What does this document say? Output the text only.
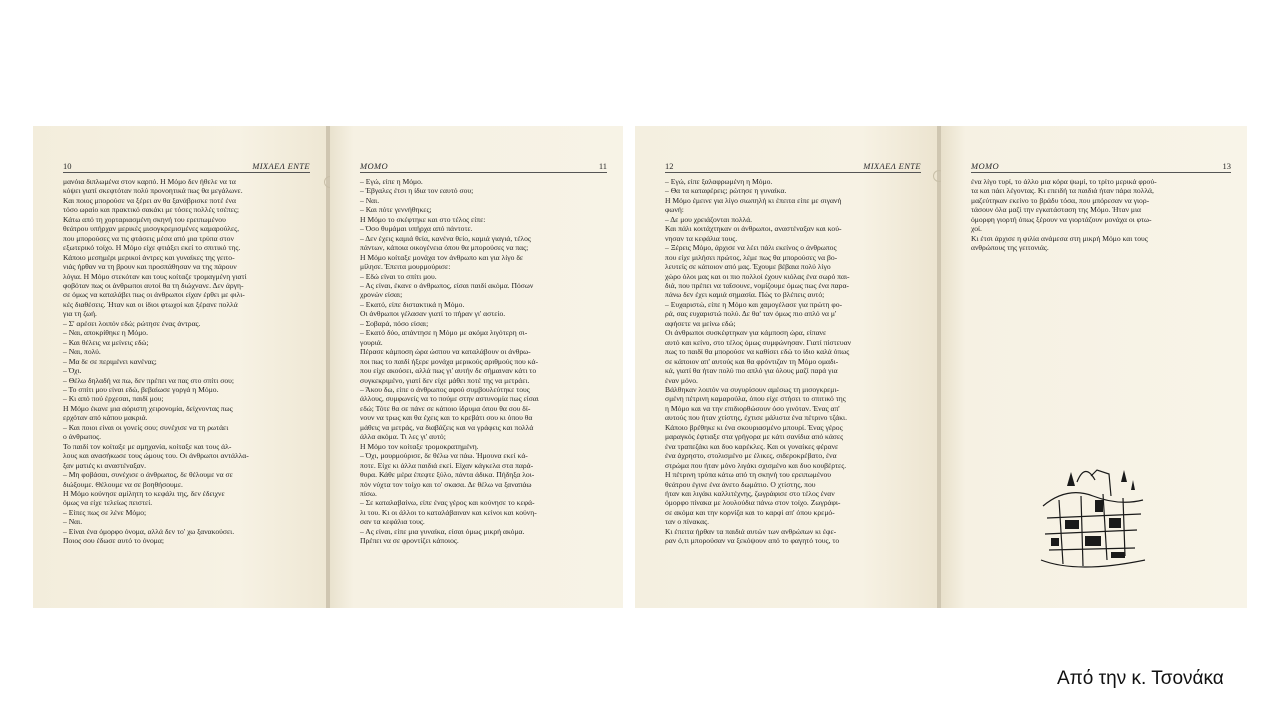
10	ΜΙΧΑΕΛ ΕΝΤΕ

μανόια διπλωμένα στον καρπό. Η Μόμο δεν ήθελε να τα

κόψει γιατί σκεφτόταν πολύ προνοητικά πως θα μεγάλωνε.

Και ποιος μπορούσε να ξέρει αν θα ξανάβρισκε ποτέ ένα

τόσο ωραίο και πρακτικό σακάκι με τόσες πολλές τσέπες;

Κάτω από τη χορταριασμένη σκηνή του ερειπωμένου

θεάτρου υπήρχαν μερικές μισογκρεμισμένες καμαρούλες,

που μπορούσες να τις φτάσεις μέσα από μια τρύπα στον

εξωτερικό τοίχο. Η Μόμο είχε φτιάξει εκεί το σπιτικό της.

Κάποιο μεσημέρι μερικοί άντρες και γυναίκες της γειτο-

νιάς ήρθαν να τη βρουν και προσπάθησαν να της πάρουν

λόγια. Η Μόμο στεκόταν και τους κοίταζε τρομαγμένη γιατί

φοβόταν πως οι άνθρωποι αυτοί θα τη διώχνανε. Δεν άργη-

σε όμως να καταλάβει πως οι άνθρωποι είχαν έρθει με φιλι-

κές διαθέσεις. Ήταν και οι ίδιοι φτωχοί και ξέρανε πολλά

για τη ζωή.

– Σ' αρέσει λοιπόν εδώ; ρώτησε ένας άντρας.

– Ναι, αποκρίθηκε η Μόμο.

– Και θέλεις να μείνεις εδώ;

– Ναι, πολύ.

– Μα δε σε περιμένει κανένας;

– Όχι.

– Θέλω δηλαδή να πω, δεν πρέπει να πας στο σπίτι σου;

– Το σπίτι μου είναι εδώ, βεβαίωσε γοργά η Μόμο.

– Κι από πού έρχεσαι, παιδί μου;

Η Μόμο έκανε μια αόριστη χειρονομία, δείχνοντας πως

ερχόταν από κάπου μακριά.

– Και ποιοι είναι οι γονείς σου; συνέχισε να τη ρωτάει

ο άνθρωπος.

Το παιδί τον κοίταξε με αμηχανία, κοίταξε και τους άλ-

λους και ανασήκωσε τους ώμους του. Οι άνθρωποι αντάλλα-

ξαν ματιές κι αναστέναξαν.

– Μη φοβάσαι, συνέχισε ο άνθρωπος, δε θέλουμε να σε

διώξουμε. Θέλουμε να σε βοηθήσουμε.

Η Μόμο κούνησε αμίλητη το κεφάλι της, δεν έδειχνε

όμως να είχε τελείως πειστεί.

– Είπες πως σε λένε Μόμο;

– Ναι.

– Είναι ένα όμορφο όνομα, αλλά δεν το' χω ξανακούσει.

Ποιος σου έδωσε αυτό το όνομα;

ΜΟΜΟ	11

– Εγώ, είπε η Μόμο.

– Έβγαλες έτσι η ίδια τον εαυτό σου;

– Ναι.

– Και πότε γεννήθηκες;

Η Μόμο το σκέφτηκε και στο τέλος είπε:

– Όσο θυμάμαι υπήρχα από πάντοτε.

– Δεν έχεις καμιά θεία, κανένα θείο, καμιά γιαγιά, τέλος

πάντων, κάποια οικογένεια όπου θα μπορούσες να πας;

Η Μόμο κοίταξε μονάχα τον άνθρωπο και για λίγο δε

μίλησε. Έπειτα μουρμούρισε:

– Εδώ είναι το σπίτι μου.

– Ας είναι, έκανε ο άνθρωπος, είσαι παιδί ακόμα. Πόσων

χρονών είσαι;

– Εκατό, είπε διστακτικά η Μόμο.

Οι άνθρωποι γέλασαν γιατί το πήραν γι' αστείο.

– Σοβαρά, πόσο είσαι;

– Εκατό δύο, απάντησε η Μόμο με ακόμα λιγότερη σι-

γουριά.

Πέρασε κάμποση ώρα ώσπου να καταλάβουν οι άνθρω-

ποι πως το παιδί ήξερε μονάχα μερικούς αριθμούς που κά-

που είχε ακούσει, αλλά πως γι' αυτήν δε σήμαιναν κάτι το

συγκεκριμένο, γιατί δεν είχε μάθει ποτέ της να μετράει.

– Άκου δω, είπε ο άνθρωπος αφού συμβουλεύτηκε τους

άλλους, συμφωνείς να το πούμε στην αστυνομία πως είσαι

εδώ; Τότε θα σε πάνε σε κάποιο ίδρυμα όπου θα σου δί-

νουν να τρως και θα έχεις και το κρεβάτι σου κι όπου θα

μάθεις να μετράς, να διαβάζεις και να γράφεις και πολλά

άλλα ακόμα. Τι λες γι' αυτό;

Η Μόμο τον κοίταξε τρομοκρατημένη.

– Όχι, μουρμούρισε, δε θέλω να πάω. Ήμουνα εκεί κά-

ποτε. Είχε κι άλλα παιδιά εκεί. Είχαν κάγκελα στα παρά-

θυρα. Κάθε μέρα έπεφτε ξύλο, πάντα άδικα. Πήδηξα λοι-

πόν νύχτα τον τοίχο και το' σκασα. Δε θέλω να ξαναπάω

πίσω.

– Σε καταλαβαίνω, είπε ένας γέρος και κούνησε το κεφά-

λι του. Κι οι άλλοι το καταλάβαιναν και κείνοι και κούνη-

σαν τα κεφάλια τους.

– Ας είναι, είπε μια γυναίκα, είσαι όμως μικρή ακόμα.

Πρέπει να σε φροντίζει κάποιος.

12	ΜΙΧΑΕΛ ΕΝΤΕ

– Εγώ, είπε ξαλαφρωμένη η Μόμο.

– Θα τα καταφέρεις; ρώτησε η γυναίκα.

Η Μόμο έμεινε για λίγο σιωπηλή κι έπειτα είπε με σιγανή

φωνή:

– Δε μου χρειάζονται πολλά.

Και πάλι κοιτάχτηκαν οι άνθρωποι, αναστέναξαν και κού-

νησαν τα κεφάλια τους.

– Ξέρεις Μόμο, άρχισε να λέει πάλι εκείνος ο άνθρωπος

που είχε μιλήσει πρώτος, λέμε πως θα μπορούσες να βο-

λευτείς σε κάποιον από μας. Έχουμε βέβαια πολύ λίγο

χώρο όλοι μας και οι πιο πολλοί έχουν κιόλας ένα σωρό παι-

διά, που πρέπει να ταΐσουνε, νομίζουμε όμως πως ένα παρα-

πάνω δεν έχει καμιά σημασία. Πώς το βλέπεις αυτό;

– Ευχαριστώ, είπε η Μόμο και χαμογέλασε για πρώτη φο-

ρά, σας ευχαριστώ πολύ. Δε θα' ταν όμως πιο απλό να μ'

αφήσετε να μείνω εδώ;

Οι άνθρωποι συσκέφτηκαν για κάμποση ώρα, είπανε

αυτό και κείνο, στο τέλος όμως συμφώνησαν. Γιατί πίστευαν

πως το παιδί θα μπορούσε να καθίσει εδώ το ίδιο καλά όπως

σε κάποιον απ' αυτούς και θα φρόντιζαν τη Μόμο ομαδι-

κά, γιατί θα ήταν πολύ πιο απλό για όλους μαζί παρά για

έναν μόνο.

Βάλθηκαν λοιπόν να συγυρίσουν αμέσως τη μισογκρεμι-

σμένη πέτρινη καμαρούλα, όπου είχε στήσει το σπιτικό της

η Μόμο και να την επιδιορθώσουν όσο γινόταν. Ένας απ'

αυτούς που ήταν χτίστης, έχτισε μάλιστα ένα πέτρινο τζάκι.

Κάποιο βρέθηκε κι ένα σκουριασμένο μπουρί. Ένας γέρος

μαραγκός έφτιαξε στα γρήγορα με κάτι σανίδια από κάσες

ένα τραπεζάκι και δυο καρέκλες. Και οι γυναίκες φέρανε

ένα άχρηστο, στολισμένο με έλικες, σιδεροκρέβατο, ένα

στρώμα που ήταν μόνο λιγάκι σχισμένο και δυο κουβέρτες.

Η πέτρινη τρύπα κάτω από τη σκηνή του ερειπωμένου

θεάτρου έγινε ένα άνετο δωμάτιο. Ο χτίστης, που

ήταν και λιγάκι καλλιτέχνης, ζωγράφισε στο τέλος έναν

όμορφο πίνακα με λουλούδια πάνω στον τοίχο. Ζωγράφι-

σε ακόμα και την κορνίζα και το καρφί απ' όπου κρεμό-

ταν ο πίνακας.

Κι έπειτα ήρθαν τα παιδιά αυτών των ανθρώπων κι έφε-

ραν ό,τι μπορούσαν να ξεκόψουν από το φαγητό τους, το

ΜΟΜΟ	13

ένα λίγο τυρί, το άλλο μια κόρα ψωμί, το τρίτο μερικά φρού-

τα και πάει λέγοντας. Κι επειδή τα παιδιά ήταν πάρα πολλά,

μαζεύτηκαν εκείνο το βράδυ τόσα, που μπόρεσαν να γιορ-

τάσουν όλα μαζί την εγκατάσταση της Μόμο. Ήταν μια

όμορφη γιορτή όπως ξέρουν να γιορτάζουν μονάχα οι φτω-

χοί.

Κι έτσι άρχισε η φιλία ανάμεσα στη μικρή Μόμο και τους

ανθρώπους της γειτονιάς.

Από την κ. Τσονάκα
